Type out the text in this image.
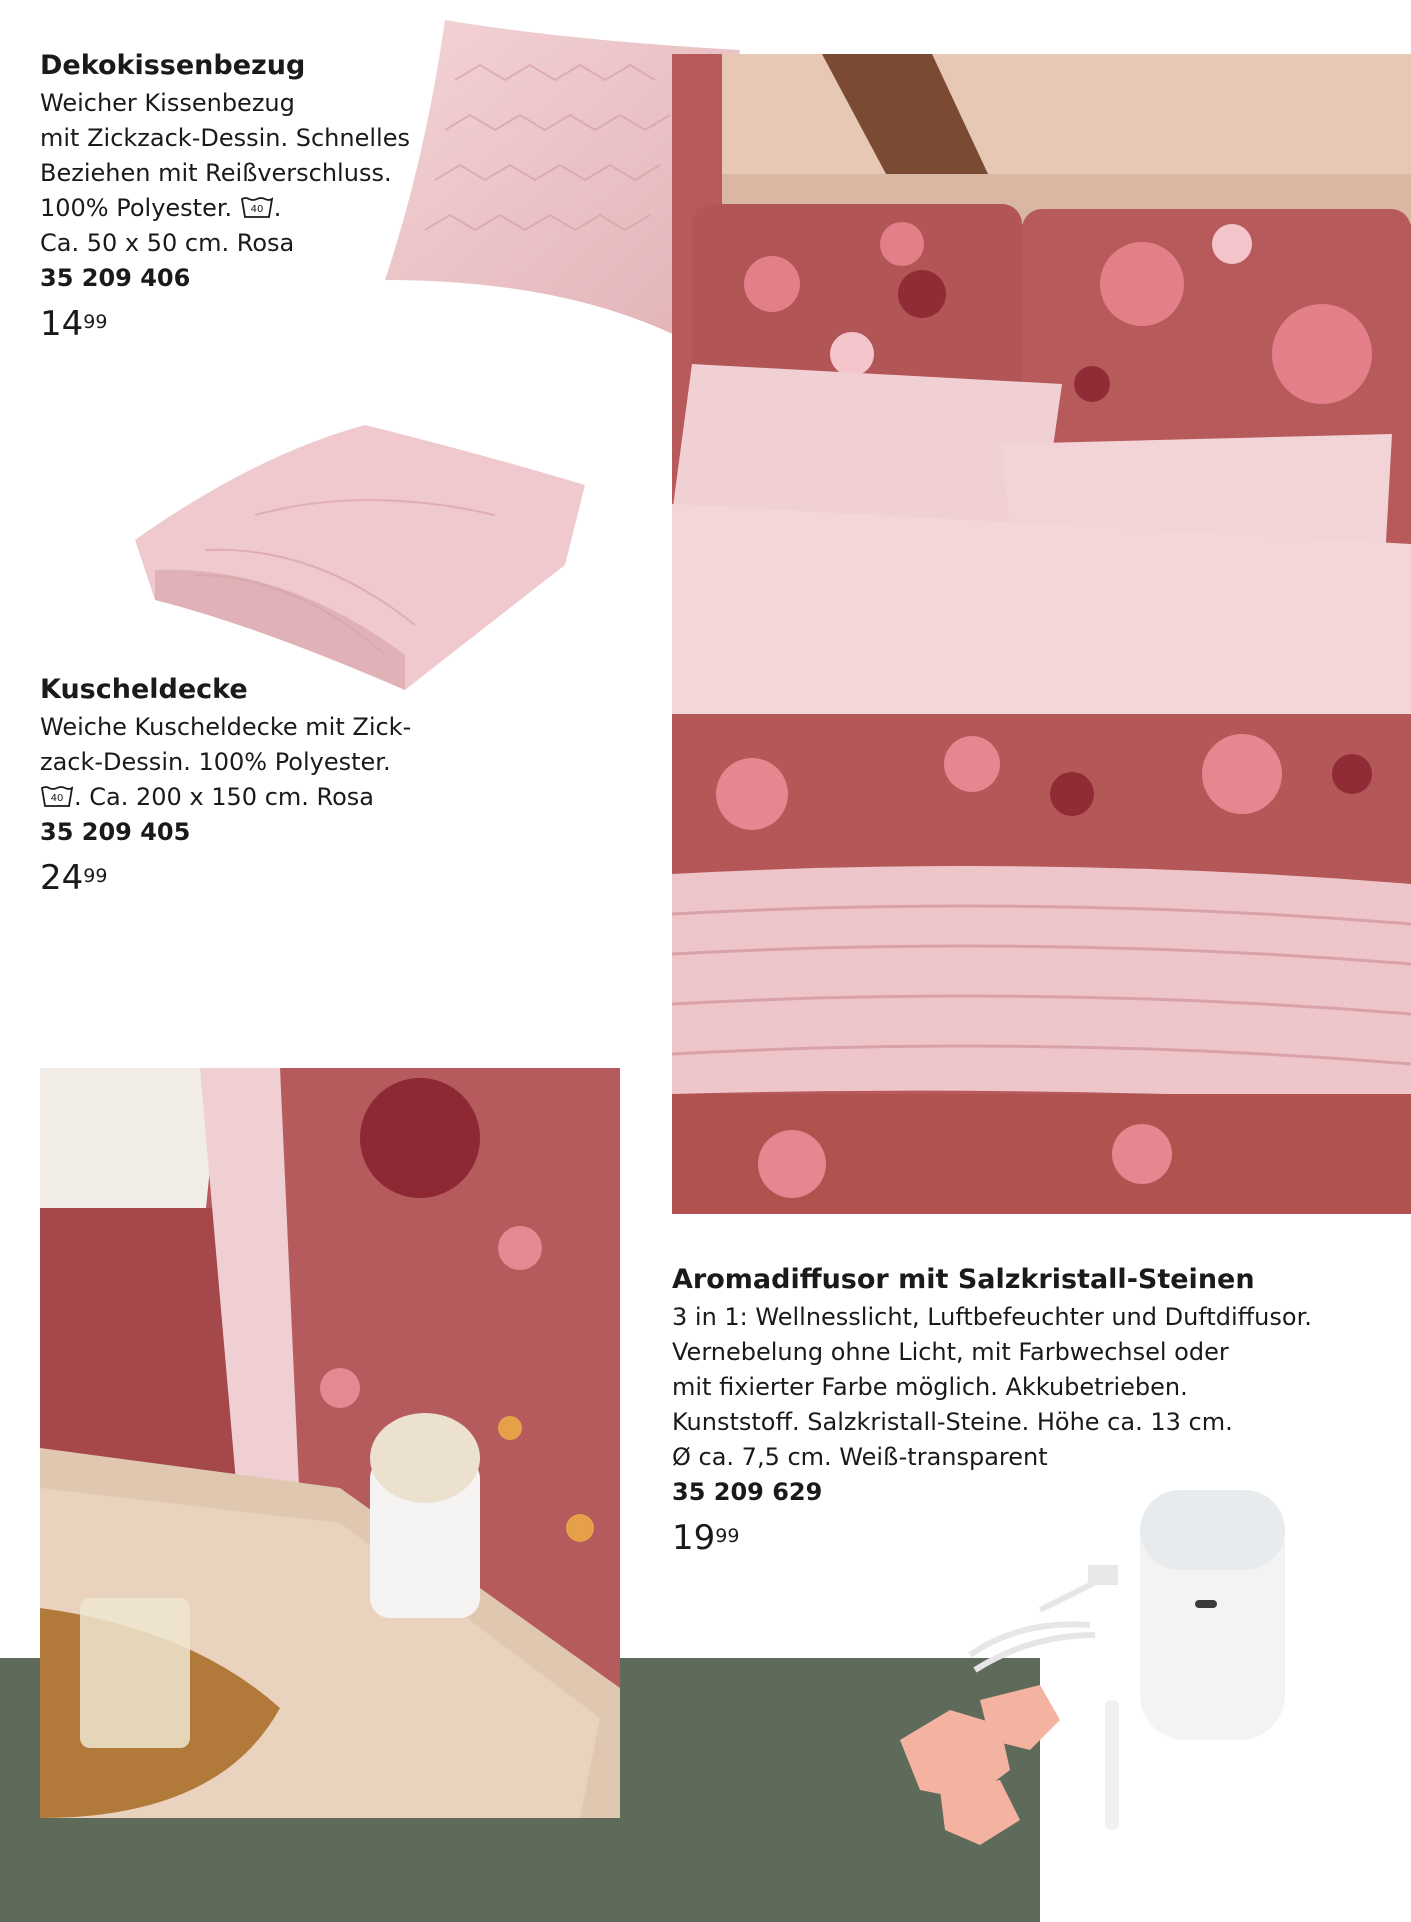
Dekokissenbezug
Weicher Kissenbezug
mit Zickzack-Dessin. Schnelles
Beziehen mit Reißverschluss.
100% Polyester. 40 .
Ca. 50 x 50 cm. Rosa
35 209 406
$14^{99}$
Kuscheldecke
Weiche Kuscheldecke mit Zick-
zack-Dessin. 100% Polyester.
40 . Ca. 200 x 150 cm. Rosa
35 209 405
$24^{99}$
Aromadiffusor mit Salzkristall-Steinen
3 in 1: Wellnesslicht, Luftbefeuchter und Duftdiffusor.
Vernebelung ohne Licht, mit Farbwechsel oder
mit fixierter Farbe möglich. Akkubetrieben.
Kunststoff. Salzkristall-Steine. Höhe ca. 13 cm.
Ø ca. 7,5 cm. Weiß-transparent
35 209 629
$19^{99}$
